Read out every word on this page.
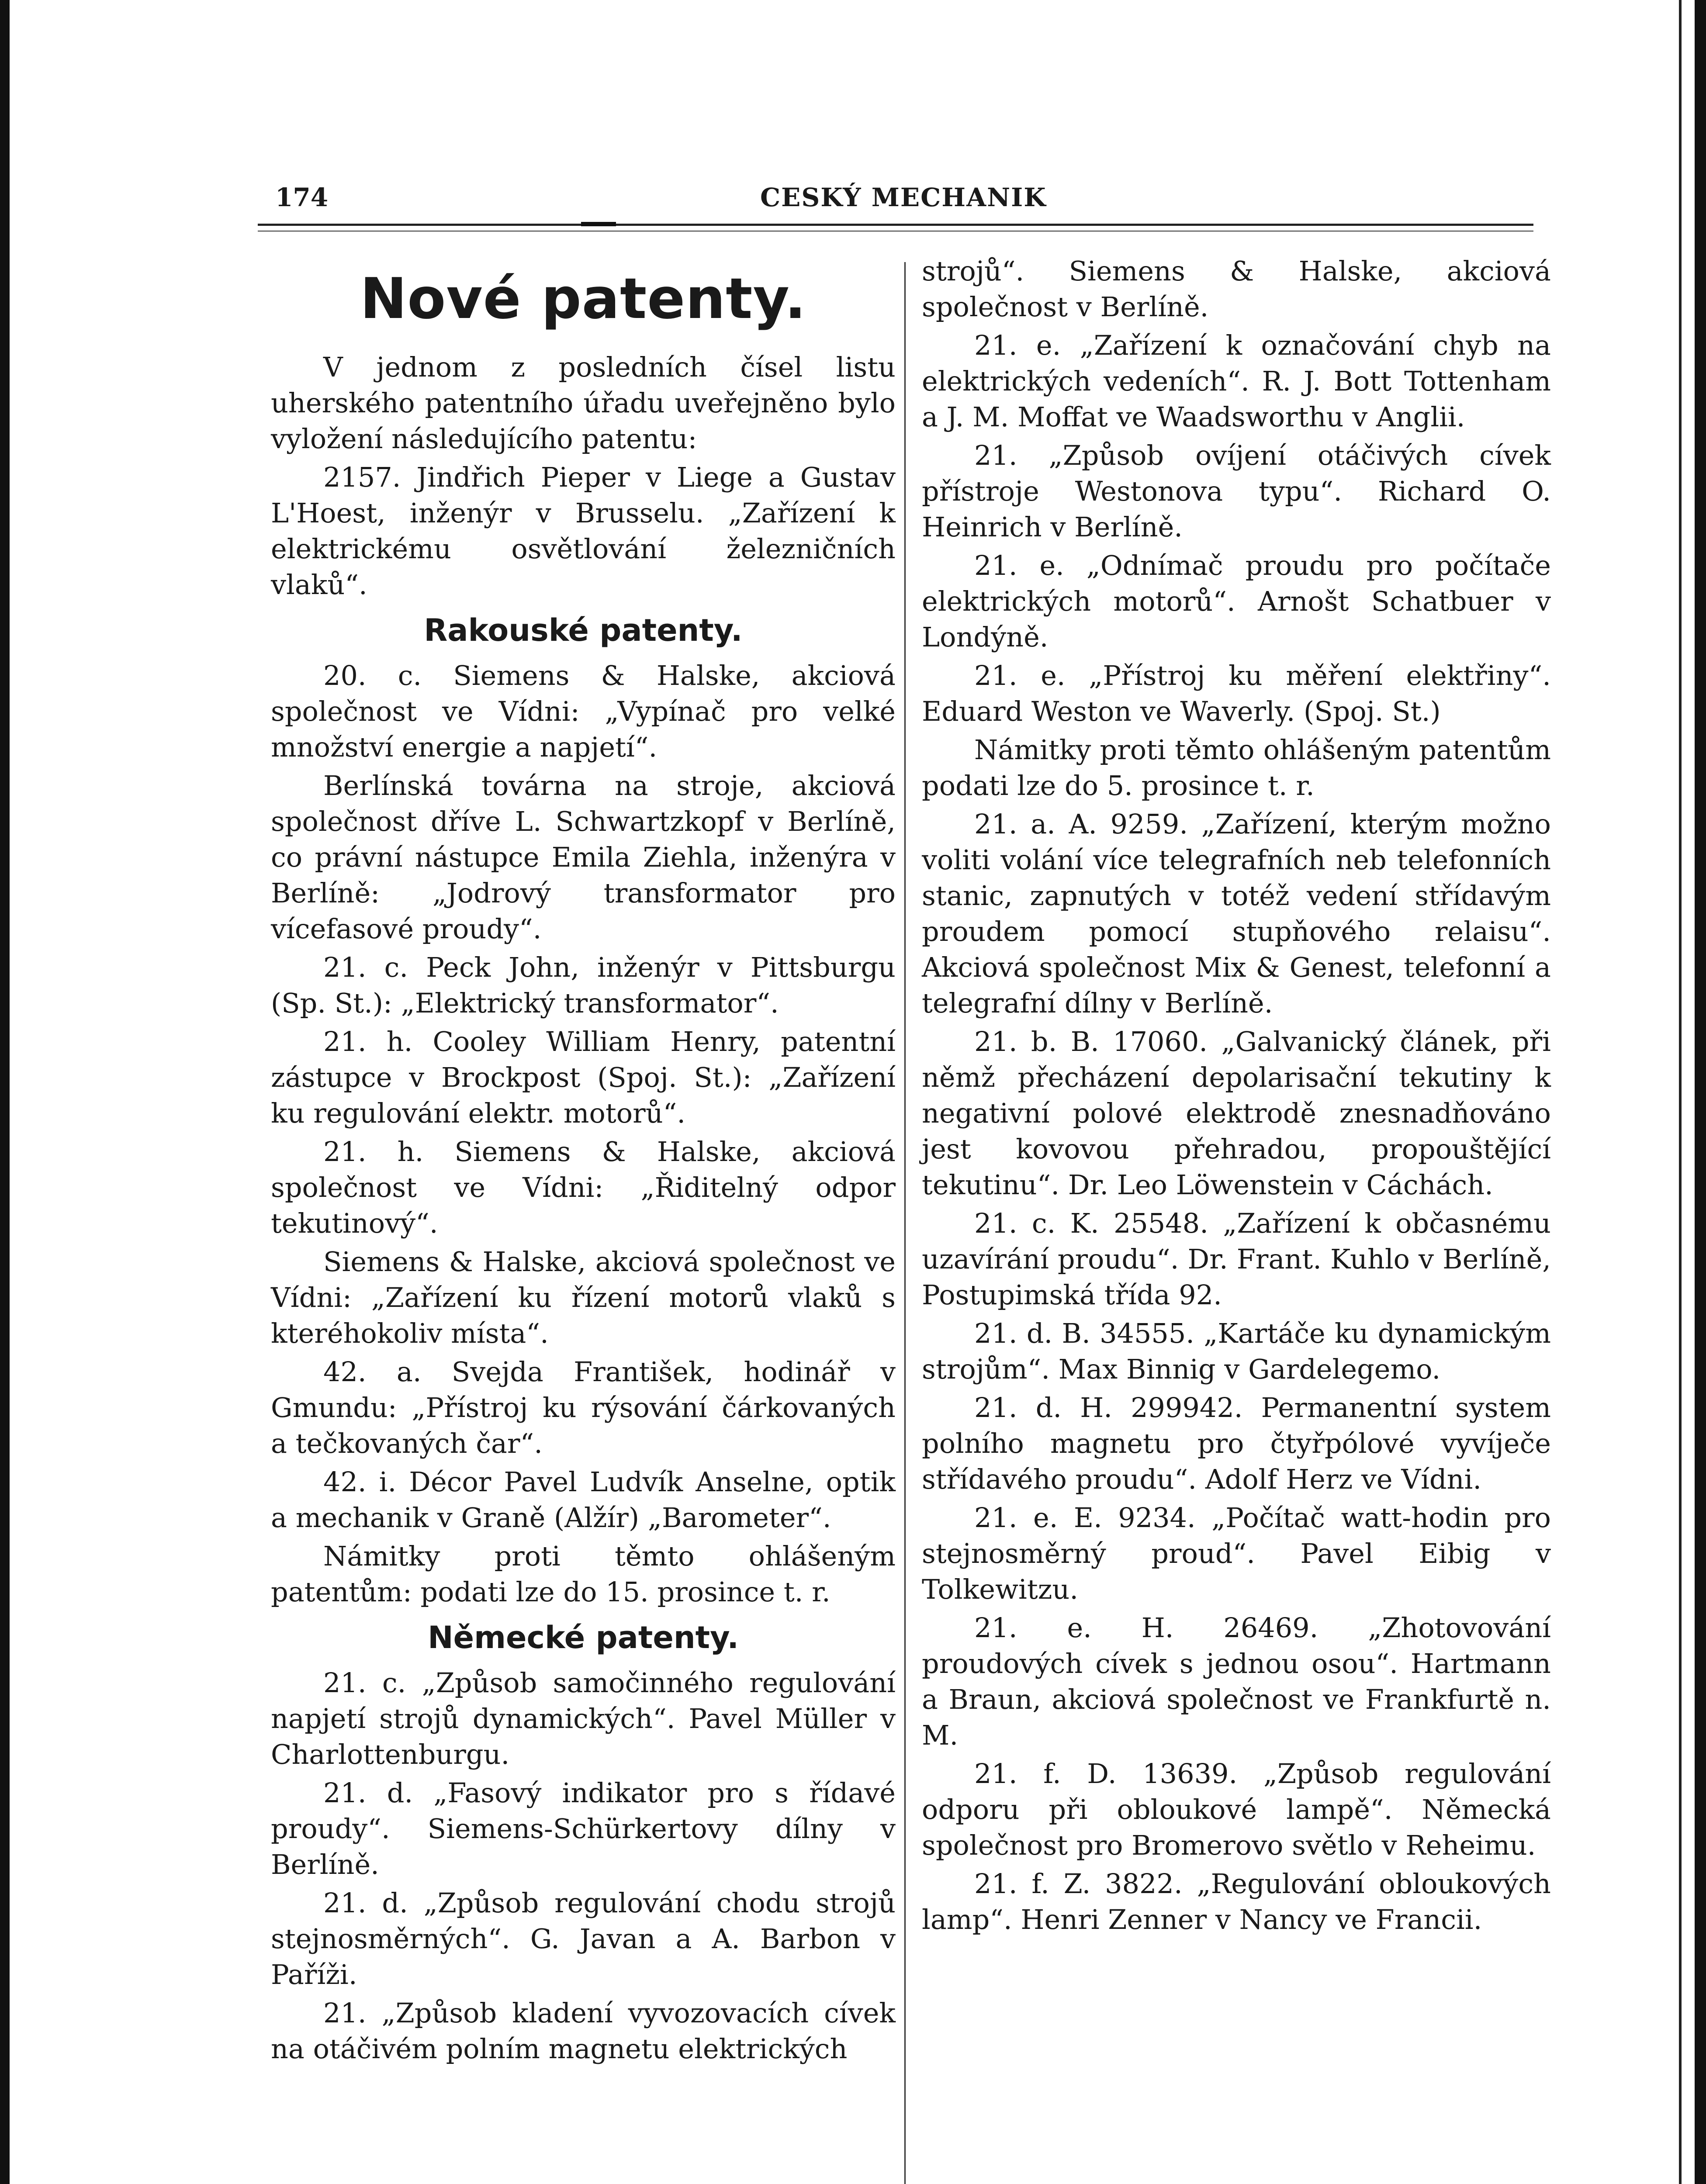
174	CESKÝ MECHANIK
Nové patenty.

V jednom z posledních čísel listu uherského patentního úřadu uveřejněno bylo vyložení následujícího patentu:

2157. Jindřich Pieper v Liege a Gustav L'Hoest, inženýr v Brusselu. „Zařízení k elektrickému osvětlování železničních vlaků“.

Rakouské patenty.

20. c. Siemens & Halske, akciová společnost ve Vídni: „Vypínač pro velké množství energie a napjetí“.

Berlínská továrna na stroje, akciová společnost dříve L. Schwartzkopf v Berlíně, co právní nástupce Emila Ziehla, inženýra v Berlíně: „Jodrový transformator pro vícefasové proudy“.

21. c. Peck John, inženýr v Pittsburgu (Sp. St.): „Elektrický transformator“.

21. h. Cooley William Henry, patentní zástupce v Brockpost (Spoj. St.): „Zařízení ku regulování elektr. motorů“.

21. h. Siemens & Halske, akciová společnost ve Vídni: „Řiditelný odpor tekutinový“.

Siemens & Halske, akciová společnost ve Vídni: „Zařízení ku řízení motorů vlaků s kteréhokoliv místa“.

42. a. Svejda František, hodinář v Gmundu: „Přístroj ku rýsování čárkovaných a tečkovaných čar“.

42. i. Décor Pavel Ludvík Anselne, optik a mechanik v Graně (Alžír) „Barometer“.

Námitky proti těmto ohlášeným patentům: podati lze do 15. prosince t. r.

Německé patenty.

21. c. „Způsob samočinného regulování napjetí strojů dynamických“. Pavel Müller v Charlottenburgu.

21. d. „Fasový indikator pro s řídavé proudy“. Siemens-Schürkertovy dílny v Berlíně.

21. d. „Způsob regulování chodu strojů stejnosměrných“. G. Javan a A. Barbon v Paříži.

21. „Způsob kladení vyvozovacích cívek na otáčivém polním magnetu elektrických

strojů“. Siemens & Halske, akciová společnost v Berlíně.

21. e. „Zařízení k označování chyb na elektrických vedeních“. R. J. Bott Tottenham a J. M. Moffat ve Waadsworthu v Anglii.

21. „Způsob ovíjení otáčivých cívek přístroje Westonova typu“. Richard O. Heinrich v Berlíně.

21. e. „Odnímač proudu pro počítače elektrických motorů“. Arnošt Schatbuer v Londýně.

21. e. „Přístroj ku měření elektřiny“. Eduard Weston ve Waverly. (Spoj. St.)

Námitky proti těmto ohlášeným patentům podati lze do 5. prosince t. r.

21. a. A. 9259. „Zařízení, kterým možno voliti volání více telegrafních neb telefonních stanic, zapnutých v totéž vedení střídavým proudem pomocí stupňového relaisu“. Akciová společnost Mix & Genest, telefonní a telegrafní dílny v Berlíně.

21. b. B. 17060. „Galvanický článek, při němž přecházení depolarisační tekutiny k negativní polové elektrodě znesnadňováno jest kovovou přehradou, propouštějící tekutinu“. Dr. Leo Löwenstein v Cáchách.

21. c. K. 25548. „Zařízení k občasnému uzavírání proudu“. Dr. Frant. Kuhlo v Berlíně, Postupimská třída 92.

21. d. B. 34555. „Kartáče ku dynamickým strojům“. Max Binnig v Gardelegemo.

21. d. H. 299942. Permanentní system polního magnetu pro čtyřpólové vyvíječe střídavého proudu“. Adolf Herz ve Vídni.

21. e. E. 9234. „Počítač watt-hodin pro stejnosměrný proud“. Pavel Eibig v Tolkewitzu.

21. e. H. 26469. „Zhotovování proudových cívek s jednou osou“. Hartmann a Braun, akciová společnost ve Frankfurtě n. M.

21. f. D. 13639. „Způsob regulování odporu při obloukové lampě“. Německá společnost pro Bromerovo světlo v Reheimu.

21. f. Z. 3822. „Regulování obloukových lamp“. Henri Zenner v Nancy ve Francii.
